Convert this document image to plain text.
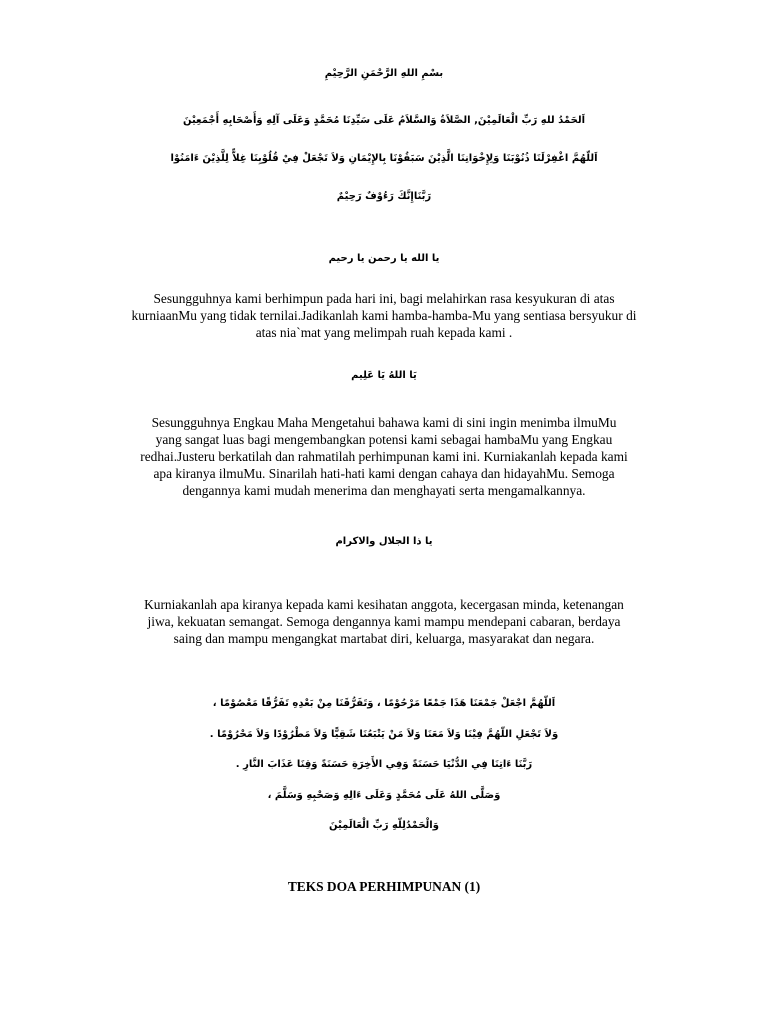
بسْمِ اللهِ الرَّحْمَنِ الرَّحِيْمِ
اَلحَمْدُ للهِ رَبِّ الْعَالَمِيْنَ, الصَّلاَةُ وَالسَّلاَمُ عَلَى سَيِّدِنَا مُحَمَّدٍ وَعَلَى آلِهِ وَأَصْحَابِهِ أَجْمَعِيْنَ
اَللّهُمَّ اغْفِرْلَنَا ذُنُوْبَنَا وَلِإِخْوَانِنَا الَّذِيْنَ سَبَقُوْنَا بِالإِيْمَانِ وَلاَ تَجْعَلْ فِيْ قُلُوْبِنَا غِلاًّ لِلَّذِيْنَ ءَامَنُوْا
رَبَّنَاإِنَّكَ رَءُوْفٌ رَحِيْمٌ
يا الله يا رحمن يا رحيم
Sesungguhnya kami berhimpun pada hari ini, bagi melahirkan rasa kesyukuran di atas
kurniaanMu yang tidak ternilai.Jadikanlah kami hamba-hamba-Mu yang sentiasa bersyukur di
atas nia`mat yang melimpah ruah kepada kami .
يَا اللهُ يَا عَلِيم
Sesungguhnya Engkau Maha Mengetahui bahawa kami di sini ingin menimba ilmuMu
yang sangat luas bagi mengembangkan potensi kami sebagai hambaMu yang Engkau
redhai.Justeru berkatilah dan rahmatilah perhimpunan kami ini. Kurniakanlah kepada kami
apa kiranya ilmuMu. Sinarilah hati-hati kami dengan cahaya dan hidayahMu. Semoga
dengannya kami mudah menerima dan menghayati serta mengamalkannya.
يا ذا الجلال والاكرام
Kurniakanlah apa kiranya kepada kami kesihatan anggota, kecergasan minda, ketenangan
jiwa, kekuatan semangat. Semoga dengannya kami mampu mendepani cabaran, berdaya
saing dan mampu mengangkat martabat diri, keluarga, masyarakat dan negara.
اَللّهُمَّ اجْعَلْ جَمْعَنَا هَذَا جَمْعًا مَرْحُوْمًا ، وَتَفَرُّقَنَا مِنْ بَعْدِهِ تَفَرُّقًا مَعْصُوْمًا ،
وَلاَ تَجْعَلِ اللّهُمَّ فِيْنَا وَلاَ مَعَنَا وَلاَ مَنْ يَتْبَعُنَا شَقِيًّا وَلاَ مَطْرُوْدًا وَلاَ مَحْرُوْمًا .
رَبَّنَا ءَاتِنَا فِي الدُّنْيَا حَسَنَةً وَفِي الأَخِرَةِ حَسَنَةً وَقِنَا عَذَابَ النَّارِ .
وَصَلَّى اللهُ عَلَى مُحَمَّدٍ وَعَلَى ءَالِهِ وَصَحْبِهِ وَسَلَّمَ ،
وَالْحَمْدُلِلّهِ رَبِّ الْعَالَمِيْنَ
TEKS DOA PERHIMPUNAN (1)
